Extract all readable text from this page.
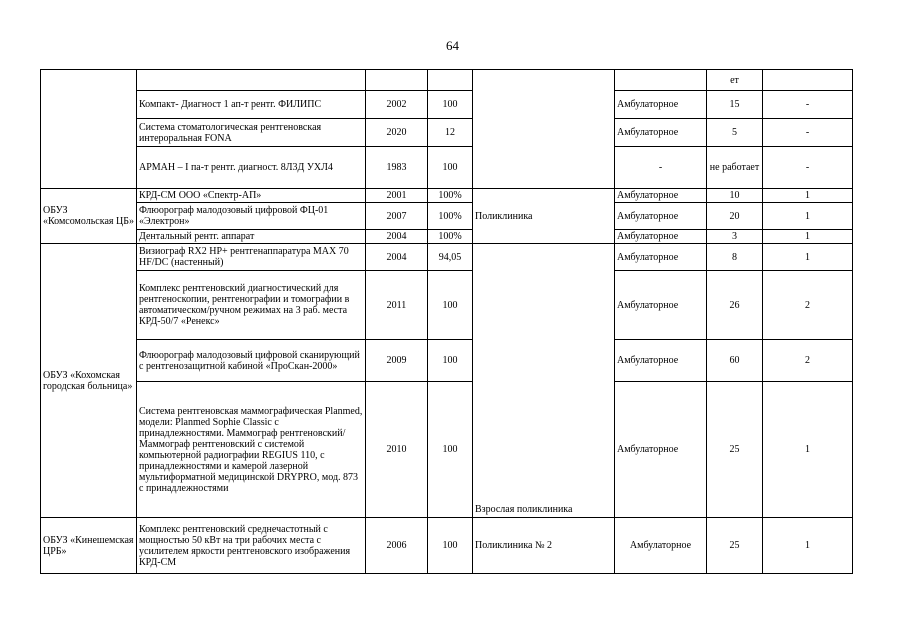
64
						ет	
	Компакт- Диагност 1 ап-т рентг. ФИЛИПС	2002	100		Амбулаторное	15	-
	Система стоматологическая рентгеновская интероральная FONA	2020	12		Амбулаторное	5	-
	АРМАН – I па-т рентг. диагност. 8Л3Д УХЛ4	1983	100		-	не работает	-
ОБУЗ «Комсомольская ЦБ»	КРД-СМ ООО «Спектр-АП»	2001	100%	Поликлиника	Амбулаторное	10	1
	Флюорограф малодозовый цифровой ФЦ-01 «Электрон»	2007	100%		Амбулаторное	20	1
	Дентальный рентг. аппарат	2004	100%		Амбулаторное	3	1
ОБУЗ «Кохомская городская больница»	Визиограф RX2 HP+ рентгенаппаратура MAX 70 HF/DC (настенный)	2004	94,05	Взрослая поликлиника	Амбулаторное	8	1
	Комплекс рентгеновский диагностический для рентгеноскопии, рентгенографии и томографии в автоматическом/ручном режимах на 3 раб. места КРД-50/7 «Ренекс»	2011	100		Амбулаторное	26	2
	Флюорограф малодозовый цифровой сканирующий с рентгенозащитной кабиной «ПроСкан-2000»	2009	100		Амбулаторное	60	2
	Система рентгеновская маммографическая Planmed, модели: Planmed Sophie Classic с принадлежностями. Маммограф рентгеновский/ Маммограф рентгеновский с системой компьютерной радиографии REGIUS 110, с принадлежностями и камерой лазерной мультиформатной медицинской DRYPRO, мод. 873 с принадлежностями	2010	100		Амбулаторное	25	1
ОБУЗ «Кинешемская ЦРБ»	Комплекс рентгеновский среднечастотный с мощностью 50 кВт на три рабочих места с усилителем яркости рентгеновского изображения КРД-СМ	2006	100	Поликлиника № 2	Амбулаторное	25	1
